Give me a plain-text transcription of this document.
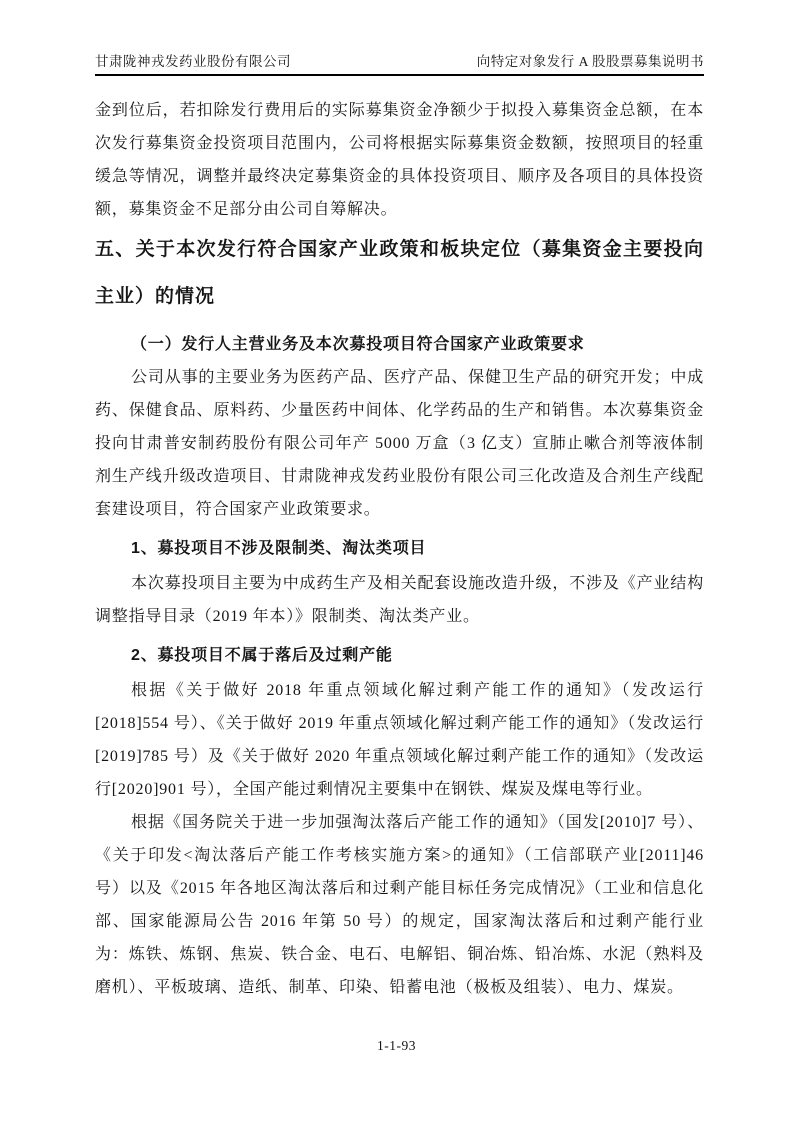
甘肃陇神戎发药业股份有限公司	向特定对象发行 A 股股票募集说明书
金到位后，若扣除发行费用后的实际募集资金净额少于拟投入募集资金总额，在本次发行募集资金投资项目范围内，公司将根据实际募集资金数额，按照项目的轻重缓急等情况，调整并最终决定募集资金的具体投资项目、顺序及各项目的具体投资额，募集资金不足部分由公司自筹解决。
五、关于本次发行符合国家产业政策和板块定位（募集资金主要投向主业）的情况
（一）发行人主营业务及本次募投项目符合国家产业政策要求
公司从事的主要业务为医药产品、医疗产品、保健卫生产品的研究开发；中成药、保健食品、原料药、少量医药中间体、化学药品的生产和销售。本次募集资金投向甘肃普安制药股份有限公司年产 5000 万盒（3 亿支）宣肺止嗽合剂等液体制剂生产线升级改造项目、甘肃陇神戎发药业股份有限公司三化改造及合剂生产线配套建设项目，符合国家产业政策要求。
1、募投项目不涉及限制类、淘汰类项目
本次募投项目主要为中成药生产及相关配套设施改造升级，不涉及《产业结构调整指导目录（2019 年本）》限制类、淘汰类产业。
2、募投项目不属于落后及过剩产能
根据《关于做好 2018 年重点领域化解过剩产能工作的通知》（发改运行[2018]554 号）、《关于做好 2019 年重点领域化解过剩产能工作的通知》（发改运行[2019]785 号）及《关于做好 2020 年重点领域化解过剩产能工作的通知》（发改运行[2020]901 号），全国产能过剩情况主要集中在钢铁、煤炭及煤电等行业。
根据《国务院关于进一步加强淘汰落后产能工作的通知》（国发[2010]7 号）、《关于印发<淘汰落后产能工作考核实施方案>的通知》（工信部联产业[2011]46 号）以及《2015 年各地区淘汰落后和过剩产能目标任务完成情况》（工业和信息化部、国家能源局公告 2016 年第 50 号）的规定，国家淘汰落后和过剩产能行业为：炼铁、炼钢、焦炭、铁合金、电石、电解铝、铜冶炼、铅冶炼、水泥（熟料及磨机）、平板玻璃、造纸、制革、印染、铅蓄电池（极板及组装）、电力、煤炭。
1-1-93
